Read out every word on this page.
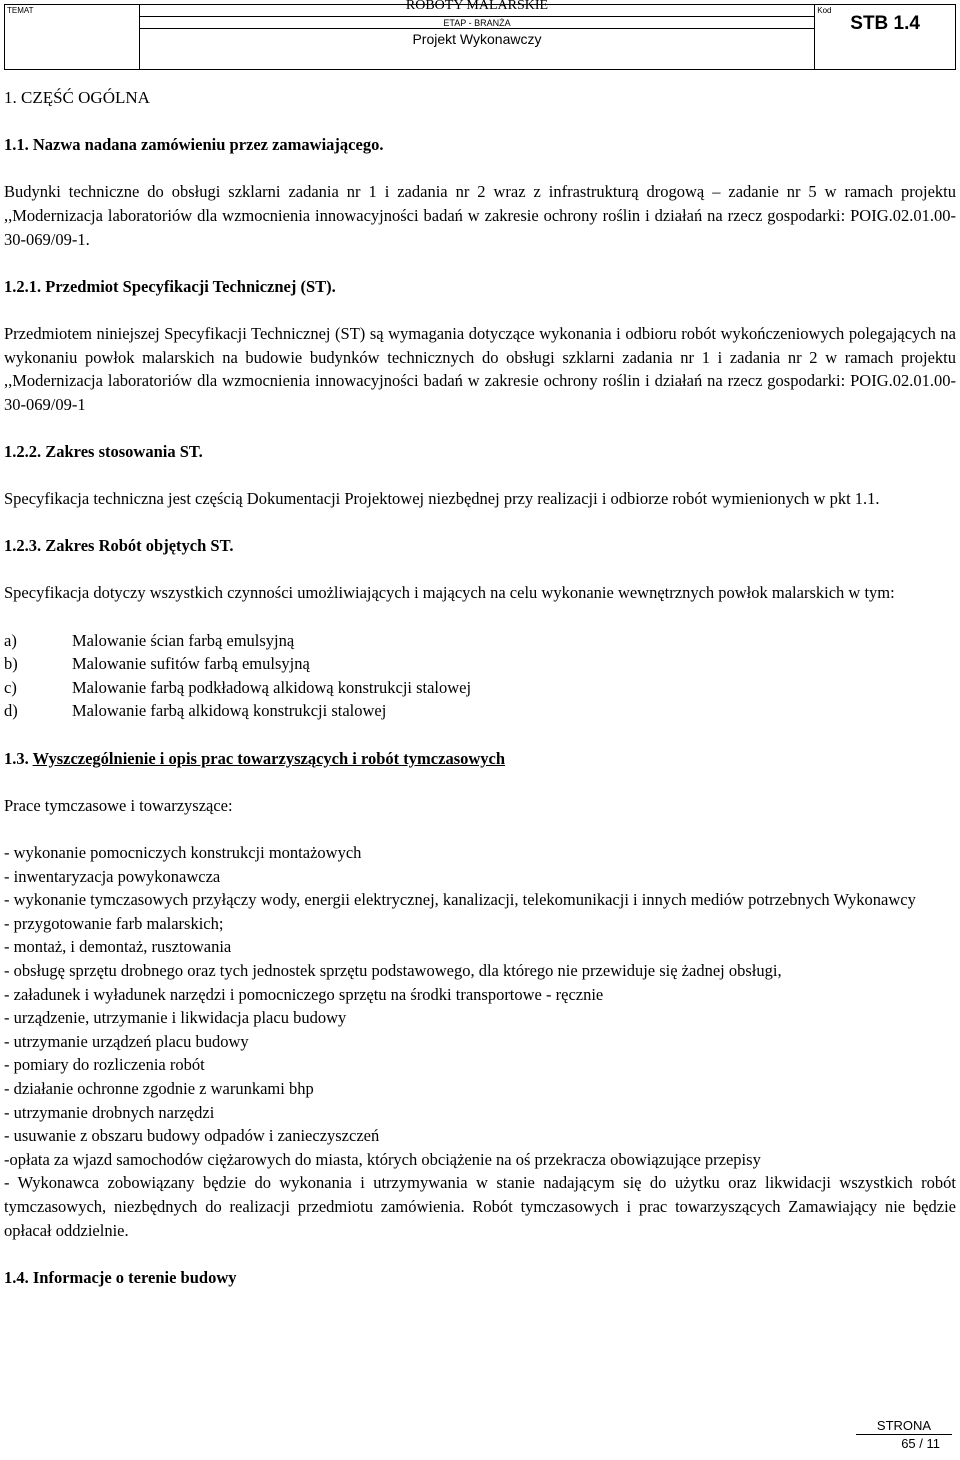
TEMAT	ROBOTY MALARSKIE
ETAP - BRANŻA
Projekt Wykonawczy

Kod
STB 1.4

1. CZĘŚĆ OGÓLNA

1.1. Nazwa nadana zamówieniu przez zamawiającego.

Budynki techniczne do obsługi szklarni zadania nr 1 i zadania nr 2 wraz z infrastrukturą drogową – zadanie nr 5 w ramach projektu ,,Modernizacja laboratoriów dla wzmocnienia innowacyjności badań w zakresie ochrony roślin i działań na rzecz gospodarki: POIG.02.01.00-30-069/09-1.

1.2.1. Przedmiot Specyfikacji Technicznej (ST).

Przedmiotem niniejszej Specyfikacji Technicznej (ST) są wymagania dotyczące wykonania i odbioru robót wykończeniowych polegających na wykonaniu powłok malarskich na budowie budynków technicznych do obsługi szklarni zadania nr 1 i zadania nr 2 w ramach projektu ,,Modernizacja laboratoriów dla wzmocnienia innowacyjności badań w zakresie ochrony roślin i działań na rzecz gospodarki: POIG.02.01.00-30-069/09-1

1.2.2. Zakres stosowania ST.

Specyfikacja techniczna jest częścią Dokumentacji Projektowej niezbędnej przy realizacji i odbiorze robót wymienionych w pkt 1.1.

1.2.3. Zakres Robót objętych ST.

Specyfikacja dotyczy wszystkich czynności umożliwiających i mających na celu wykonanie wewnętrznych powłok malarskich w tym:

a)	Malowanie ścian farbą emulsyjną
b)	Malowanie sufitów farbą emulsyjną
c)	Malowanie farbą podkładową alkidową konstrukcji stalowej
d)	Malowanie farbą alkidową konstrukcji stalowej

1.3. Wyszczególnienie i opis prac towarzyszących i robót tymczasowych

Prace tymczasowe i towarzyszące:

- wykonanie pomocniczych konstrukcji montażowych

- inwentaryzacja powykonawcza

- wykonanie tymczasowych przyłączy wody, energii elektrycznej, kanalizacji, telekomunikacji i innych mediów potrzebnych Wykonawcy

- przygotowanie farb malarskich;

- montaż, i demontaż, rusztowania

- obsługę sprzętu drobnego oraz tych jednostek sprzętu podstawowego, dla którego nie przewiduje się żadnej obsługi,

- załadunek i wyładunek narzędzi i pomocniczego sprzętu na środki transportowe - ręcznie

- urządzenie, utrzymanie i likwidacja placu budowy

- utrzymanie urządzeń placu budowy

- pomiary do rozliczenia robót

- działanie ochronne zgodnie z warunkami bhp

- utrzymanie drobnych narzędzi

- usuwanie z obszaru budowy odpadów i zanieczyszczeń

-opłata za wjazd samochodów ciężarowych do miasta, których obciążenie na oś przekracza obowiązujące przepisy

- Wykonawca zobowiązany będzie do wykonania i utrzymywania w stanie nadającym się do użytku oraz likwidacji wszystkich robót tymczasowych, niezbędnych do realizacji przedmiotu zamówienia. Robót tymczasowych i prac towarzyszących Zamawiający nie będzie opłacał oddzielnie.

1.4. Informacje o terenie budowy

STRONA
65 / 11
